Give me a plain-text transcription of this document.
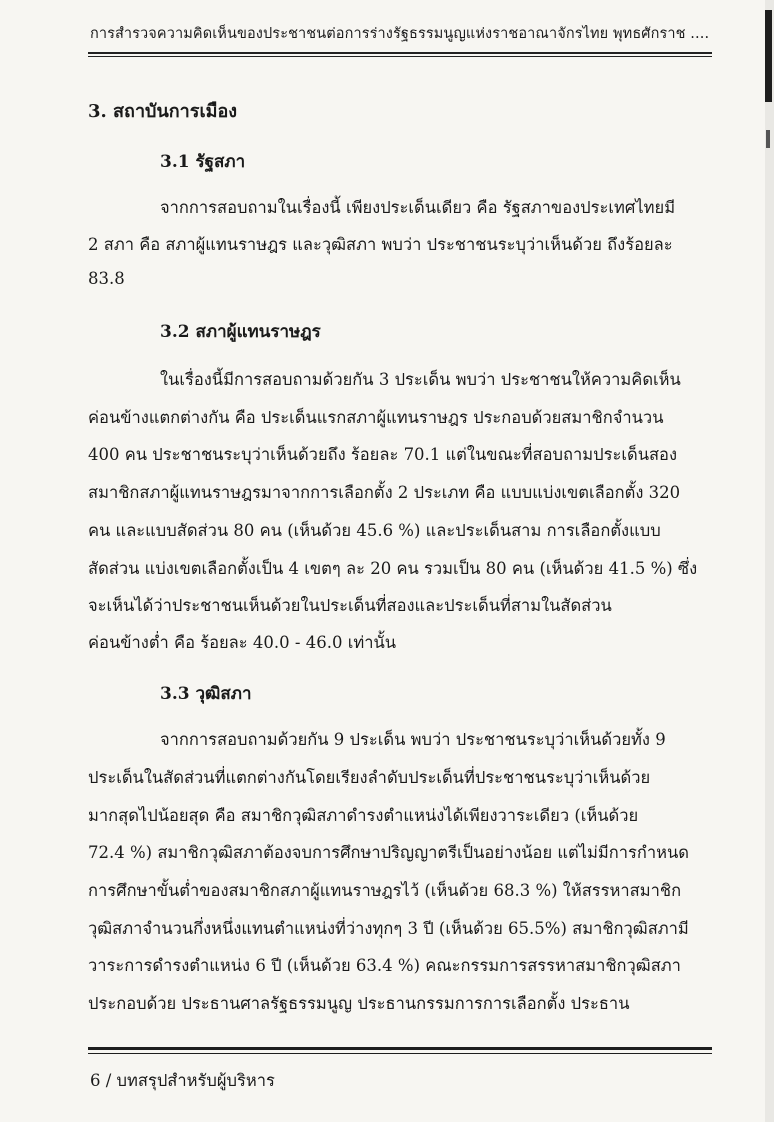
การสำรวจความคิดเห็นของประชาชนต่อการร่างรัฐธรรมนูญแห่งราชอาณาจักรไทย พุทธศักราช ....
3. สถาบันการเมือง
3.1 รัฐสภา
จากการสอบถามในเรื่องนี้ เพียงประเด็นเดียว คือ รัฐสภาของประเทศไทยมี
2 สภา คือ สภาผู้แทนราษฎร และวุฒิสภา พบว่า ประชาชนระบุว่าเห็นด้วย ถึงร้อยละ
83.8
3.2 สภาผู้แทนราษฎร
ในเรื่องนี้มีการสอบถามด้วยกัน 3 ประเด็น พบว่า ประชาชนให้ความคิดเห็น
ค่อนข้างแตกต่างกัน คือ ประเด็นแรกสภาผู้แทนราษฎร ประกอบด้วยสมาชิกจำนวน
400 คน ประชาชนระบุว่าเห็นด้วยถึง ร้อยละ 70.1 แต่ในขณะที่สอบถามประเด็นสอง
สมาชิกสภาผู้แทนราษฎรมาจากการเลือกตั้ง 2 ประเภท คือ แบบแบ่งเขตเลือกตั้ง 320
คน และแบบสัดส่วน 80 คน (เห็นด้วย 45.6 %) และประเด็นสาม การเลือกตั้งแบบ
สัดส่วน แบ่งเขตเลือกตั้งเป็น 4 เขตๆ ละ 20 คน รวมเป็น 80 คน (เห็นด้วย 41.5 %) ซึ่ง
จะเห็นได้ว่าประชาชนเห็นด้วยในประเด็นที่สองและประเด็นที่สามในสัดส่วน
ค่อนข้างต่ำ คือ ร้อยละ 40.0 - 46.0 เท่านั้น
3.3 วุฒิสภา
จากการสอบถามด้วยกัน 9 ประเด็น พบว่า ประชาชนระบุว่าเห็นด้วยทั้ง 9
ประเด็นในสัดส่วนที่แตกต่างกันโดยเรียงลำดับประเด็นที่ประชาชนระบุว่าเห็นด้วย
มากสุดไปน้อยสุด คือ สมาชิกวุฒิสภาดำรงตำแหน่งได้เพียงวาระเดียว (เห็นด้วย
72.4 %) สมาชิกวุฒิสภาต้องจบการศึกษาปริญญาตรีเป็นอย่างน้อย แต่ไม่มีการกำหนด
การศึกษาขั้นต่ำของสมาชิกสภาผู้แทนราษฎรไว้ (เห็นด้วย 68.3 %) ให้สรรหาสมาชิก
วุฒิสภาจำนวนกึ่งหนึ่งแทนตำแหน่งที่ว่างทุกๆ 3 ปี (เห็นด้วย 65.5%) สมาชิกวุฒิสภามี
วาระการดำรงตำแหน่ง 6 ปี (เห็นด้วย 63.4 %) คณะกรรมการสรรหาสมาชิกวุฒิสภา
ประกอบด้วย ประธานศาลรัฐธรรมนูญ ประธานกรรมการการเลือกตั้ง ประธาน
6 / บทสรุปสำหรับผู้บริหาร
